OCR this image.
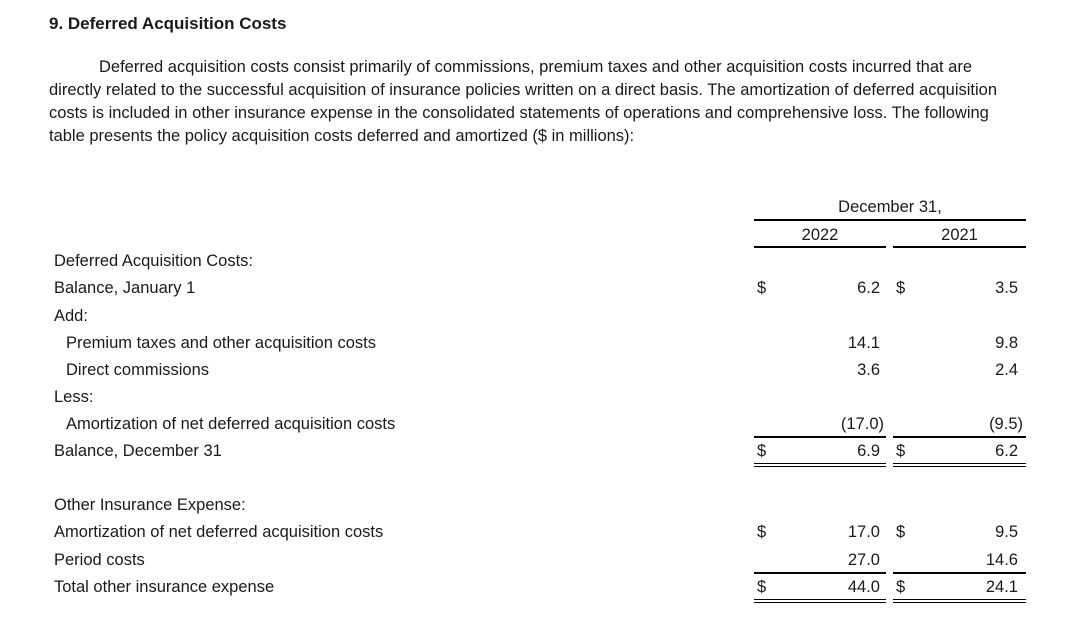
9. Deferred Acquisition Costs
Deferred acquisition costs consist primarily of commissions, premium taxes and other acquisition costs incurred that are directly related to the successful acquisition of insurance policies written on a direct basis. The amortization of deferred acquisition costs is included in other insurance expense in the consolidated statements of operations and comprehensive loss. The following table presents the policy acquisition costs deferred and amortized ($ in millions):
December 31,
2022	2021
Deferred Acquisition Costs:
Balance, January 1	$	6.2 $	3.5
Add:
Premium taxes and other acquisition costs	14.1	9.8
Direct commissions	3.6	2.4
Less:
Amortization of net deferred acquisition costs	(17.0)	(9.5)
Balance, December 31	$	6.9 $	6.2
Other Insurance Expense:
Amortization of net deferred acquisition costs	$	17.0 $	9.5
Period costs	27.0	14.6
Total other insurance expense	$	44.0 $	24.1
